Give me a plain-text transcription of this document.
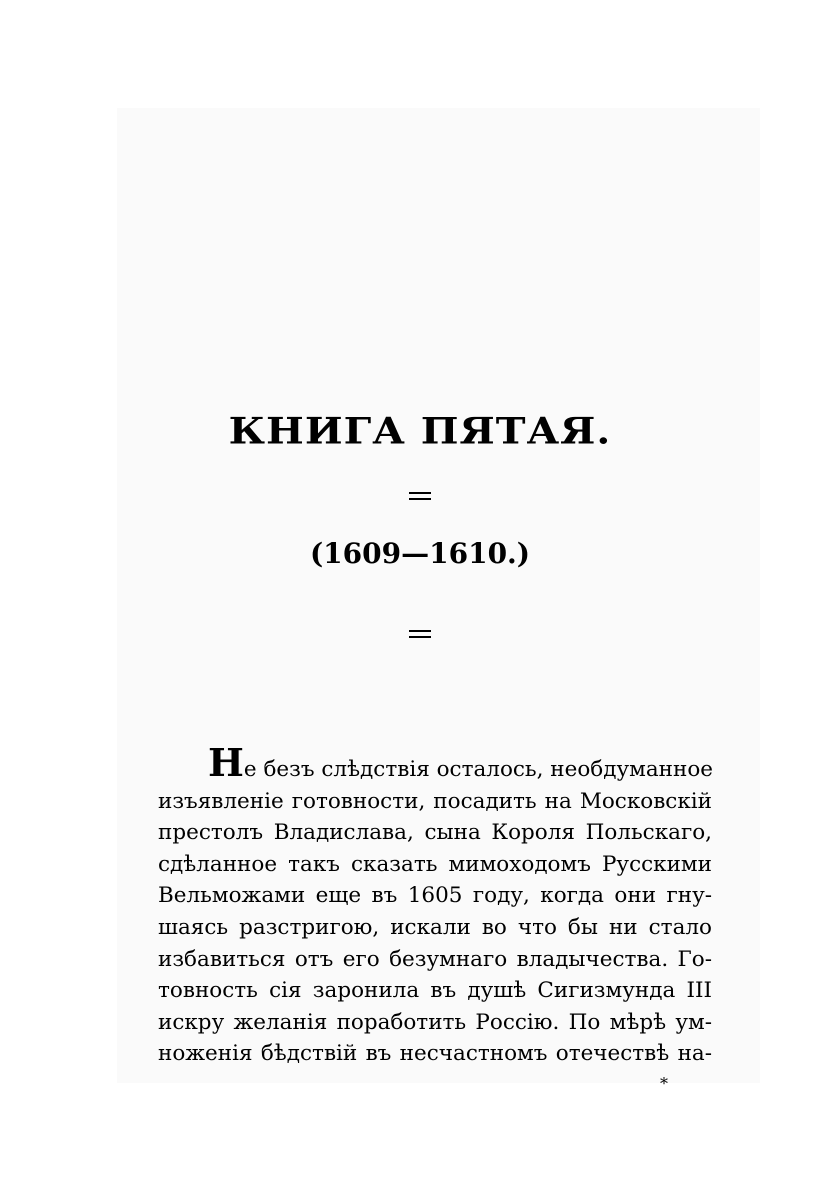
КНИГА ПЯТАЯ.
(1609—1610.)
Не безъ слѣдствія осталось, необдуманное
изъявленіе готовности, посадить на Московскій
престолъ Владислава, сына Короля Польскаго,
сдѣланное такъ сказать мимоходомъ Русскими
Вельможами еще въ 1605 году, когда они гну-
шаясь разстригою, искали во что бы ни стало
избавиться отъ его безумнаго владычества. Го-
товность сія заронила въ душѣ Сигизмунда III
искру желанія поработить Россію. По мѣрѣ ум-
ноженія бѣдствій въ несчастномъ отечествѣ на-
*
